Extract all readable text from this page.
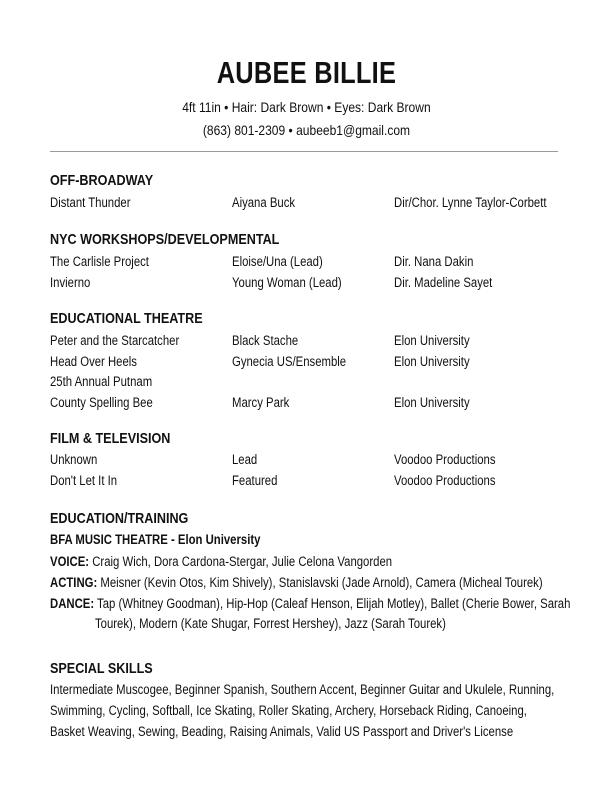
AUBEE BILLIE
4ft 11in • Hair: Dark Brown • Eyes: Dark Brown
(863) 801-2309 • aubeeb1@gmail.com
OFF-BROADWAY
Distant Thunder	Aiyana Buck	Dir/Chor. Lynne Taylor-Corbett
NYC WORKSHOPS/DEVELOPMENTAL
The Carlisle Project	Eloise/Una (Lead)	Dir. Nana Dakin
Invierno	Young Woman (Lead)	Dir. Madeline Sayet
EDUCATIONAL THEATRE
Peter and the Starcatcher	Black Stache	Elon University
Head Over Heels	Gynecia US/Ensemble	Elon University
25th Annual Putnam
County Spelling Bee	Marcy Park	Elon University
FILM & TELEVISION
Unknown	Lead	Voodoo Productions
Don't Let It In	Featured	Voodoo Productions
EDUCATION/TRAINING
BFA MUSIC THEATRE - Elon University
VOICE: Craig Wich, Dora Cardona-Stergar, Julie Celona Vangorden
ACTING: Meisner (Kevin Otos, Kim Shively), Stanislavski (Jade Arnold), Camera (Micheal Tourek)
DANCE: Tap (Whitney Goodman), Hip-Hop (Caleaf Henson, Elijah Motley), Ballet (Cherie Bower, Sarah
Tourek), Modern (Kate Shugar, Forrest Hershey), Jazz (Sarah Tourek)
SPECIAL SKILLS
Intermediate Muscogee, Beginner Spanish, Southern Accent, Beginner Guitar and Ukulele, Running,
Swimming, Cycling, Softball, Ice Skating, Roller Skating, Archery, Horseback Riding, Canoeing,
Basket Weaving, Sewing, Beading, Raising Animals, Valid US Passport and Driver's License
